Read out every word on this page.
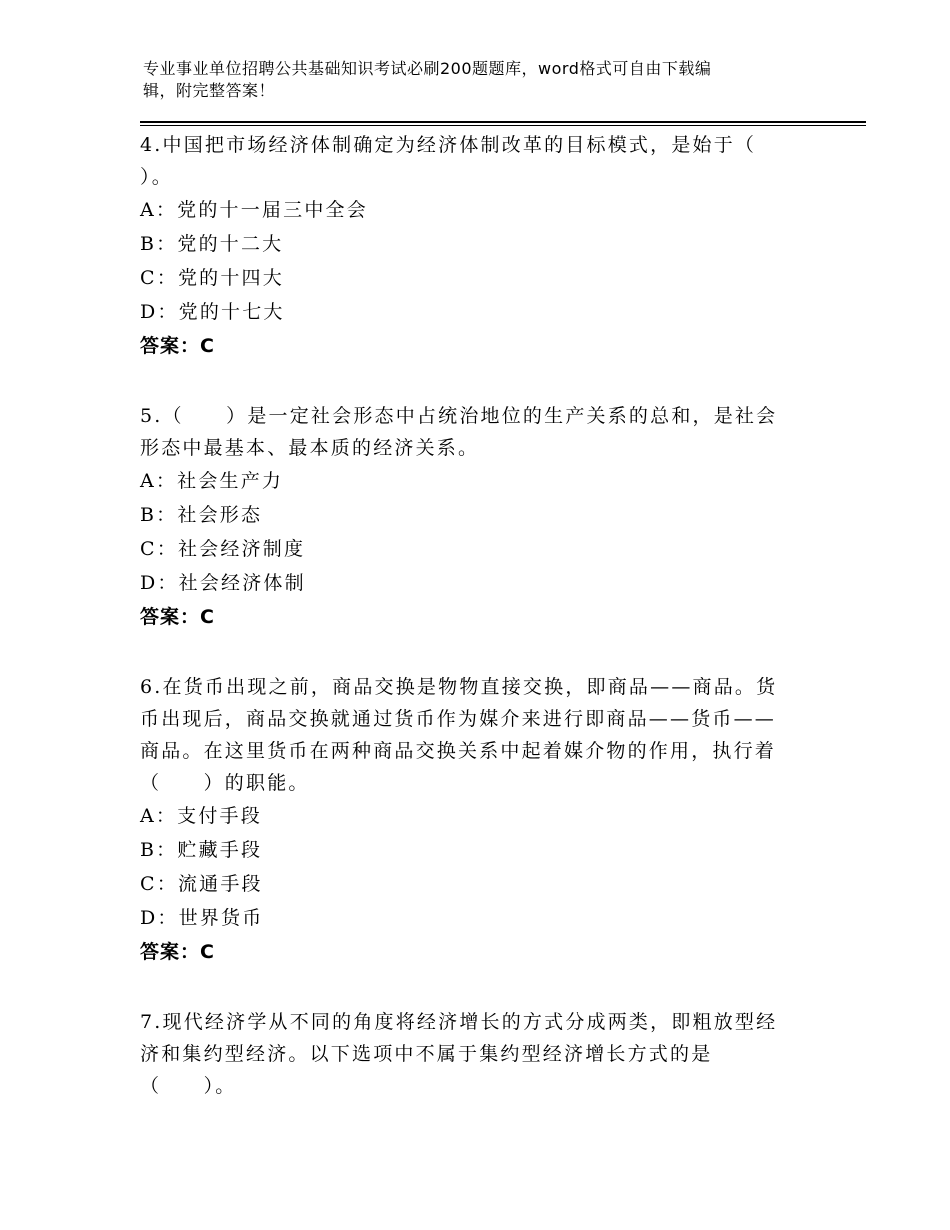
专业事业单位招聘公共基础知识考试必刷200题题库，word格式可自由下载编
辑，附完整答案！
4.中国把市场经济体制确定为经济体制改革的目标模式，是始于（
）。
A：党的十一届三中全会
B：党的十二大
C：党的十四大
D：党的十七大
答案：C
5.（　　）是一定社会形态中占统治地位的生产关系的总和，是社会
形态中最基本、最本质的经济关系。
A：社会生产力
B：社会形态
C：社会经济制度
D：社会经济体制
答案：C
6.在货币出现之前，商品交换是物物直接交换，即商品——商品。货
币出现后，商品交换就通过货币作为媒介来进行即商品——货币——
商品。在这里货币在两种商品交换关系中起着媒介物的作用，执行着
（　　）的职能。
A：支付手段
B：贮藏手段
C：流通手段
D：世界货币
答案：C
7.现代经济学从不同的角度将经济增长的方式分成两类，即粗放型经
济和集约型经济。以下选项中不属于集约型经济增长方式的是
（　　）。
